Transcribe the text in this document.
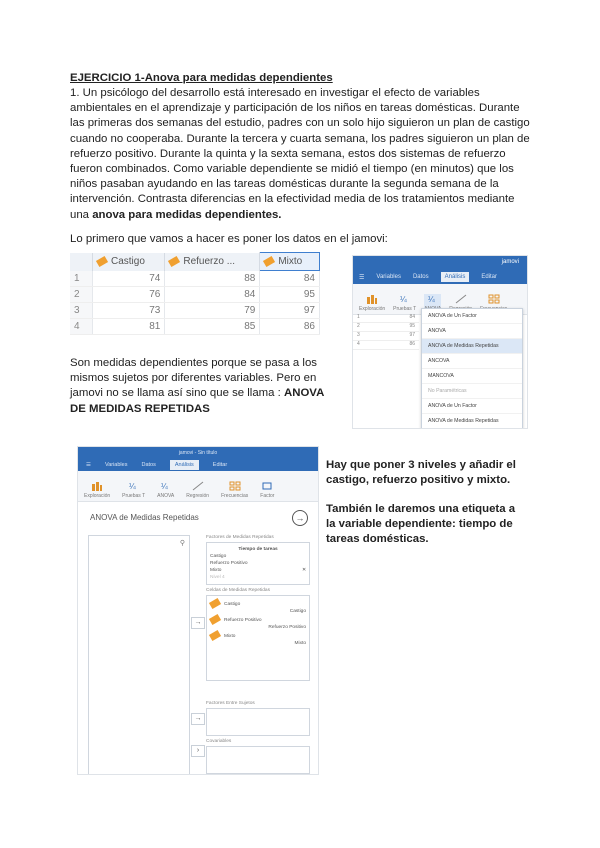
EJERCICIO 1-Anova para medidas dependientes
1. Un psicólogo del desarrollo está interesado en investigar el efecto de variables ambientales en el aprendizaje y participación de los niños en tareas domésticas. Durante las primeras dos semanas del estudio, padres con un solo hijo siguieron un plan de castigo cuando no cooperaba. Durante la tercera y cuarta semana, los padres siguieron un plan de refuerzo positivo. Durante la quinta y la sexta semana, estos dos sistemas de refuerzo fueron combinados. Como variable dependiente se midió el tiempo (en minutos) que los niños pasaban ayudando en las tareas domésticas durante la segunda semana de la intervención. Contrasta diferencias en la efectividad media de los tratamientos mediante una anova para medidas dependientes.
Lo primero que vamos a hacer es poner los datos en el jamovi:
	Castigo	Refuerzo ...	Mixto
1	74	88	84
2	76	84	95
3	73	79	97
4	81	85	86
Son medidas dependientes porque se pasa a los mismos sujetos por diferentes variables. Pero en jamovi no se llama así sino que se llama : ANOVA DE MEDIDAS REPETIDAS
jamovi
☰ Variables Datos	Análisis	Editar
Exploración
¼
Pruebas T
¼
1	84
2	95
3	97
4	86
ANOVA de Un Factor
ANOVA
ANOVA de Medidas Repetidas
ANCOVA
MANCOVA
No Paramétricas
ANOVA de Un Factor
ANOVA de Medidas Repetidas
jamovi - Sin título
☰	Variables	Datos	Análisis	Editar
Exploración
¼
Pruebas T
¼
ANOVA Regresión Frecuencias Factor
ANOVA de Medidas Repetidas	→
⚲
→
→
›
Factores de Medidas Repetidas
Tiempo de tareas
Castigo
Refuerzo Positivo
Mixto	✕
Nivel 4
Celdas de Medidas Repetidas
Castigo
Castigo
Refuerzo Positivo
Refuerzo Positivo
Mixto
Mixto
Factores Entre Sujetos
Covariables
Hay que poner 3 niveles y añadir el castigo, refuerzo positivo y mixto.
También le daremos una etiqueta a la variable dependiente: tiempo de tareas domésticas.
